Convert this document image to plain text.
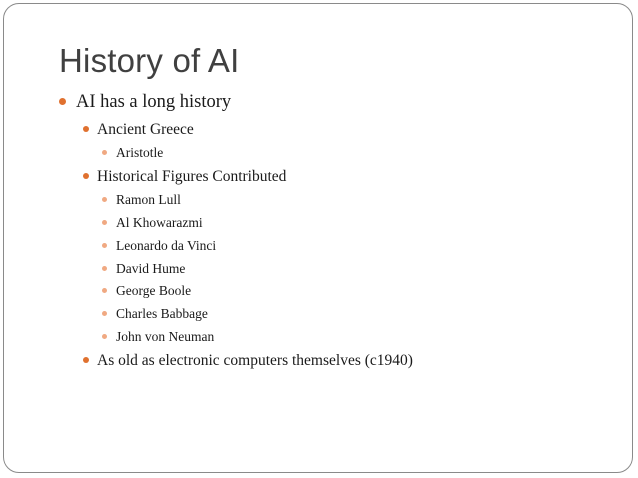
History of AI
AI has a long history
Ancient Greece
Aristotle
Historical Figures Contributed
Ramon Lull
Al Khowarazmi
Leonardo da Vinci
David Hume
George Boole
Charles Babbage
John von Neuman
As old as electronic computers themselves (c1940)
